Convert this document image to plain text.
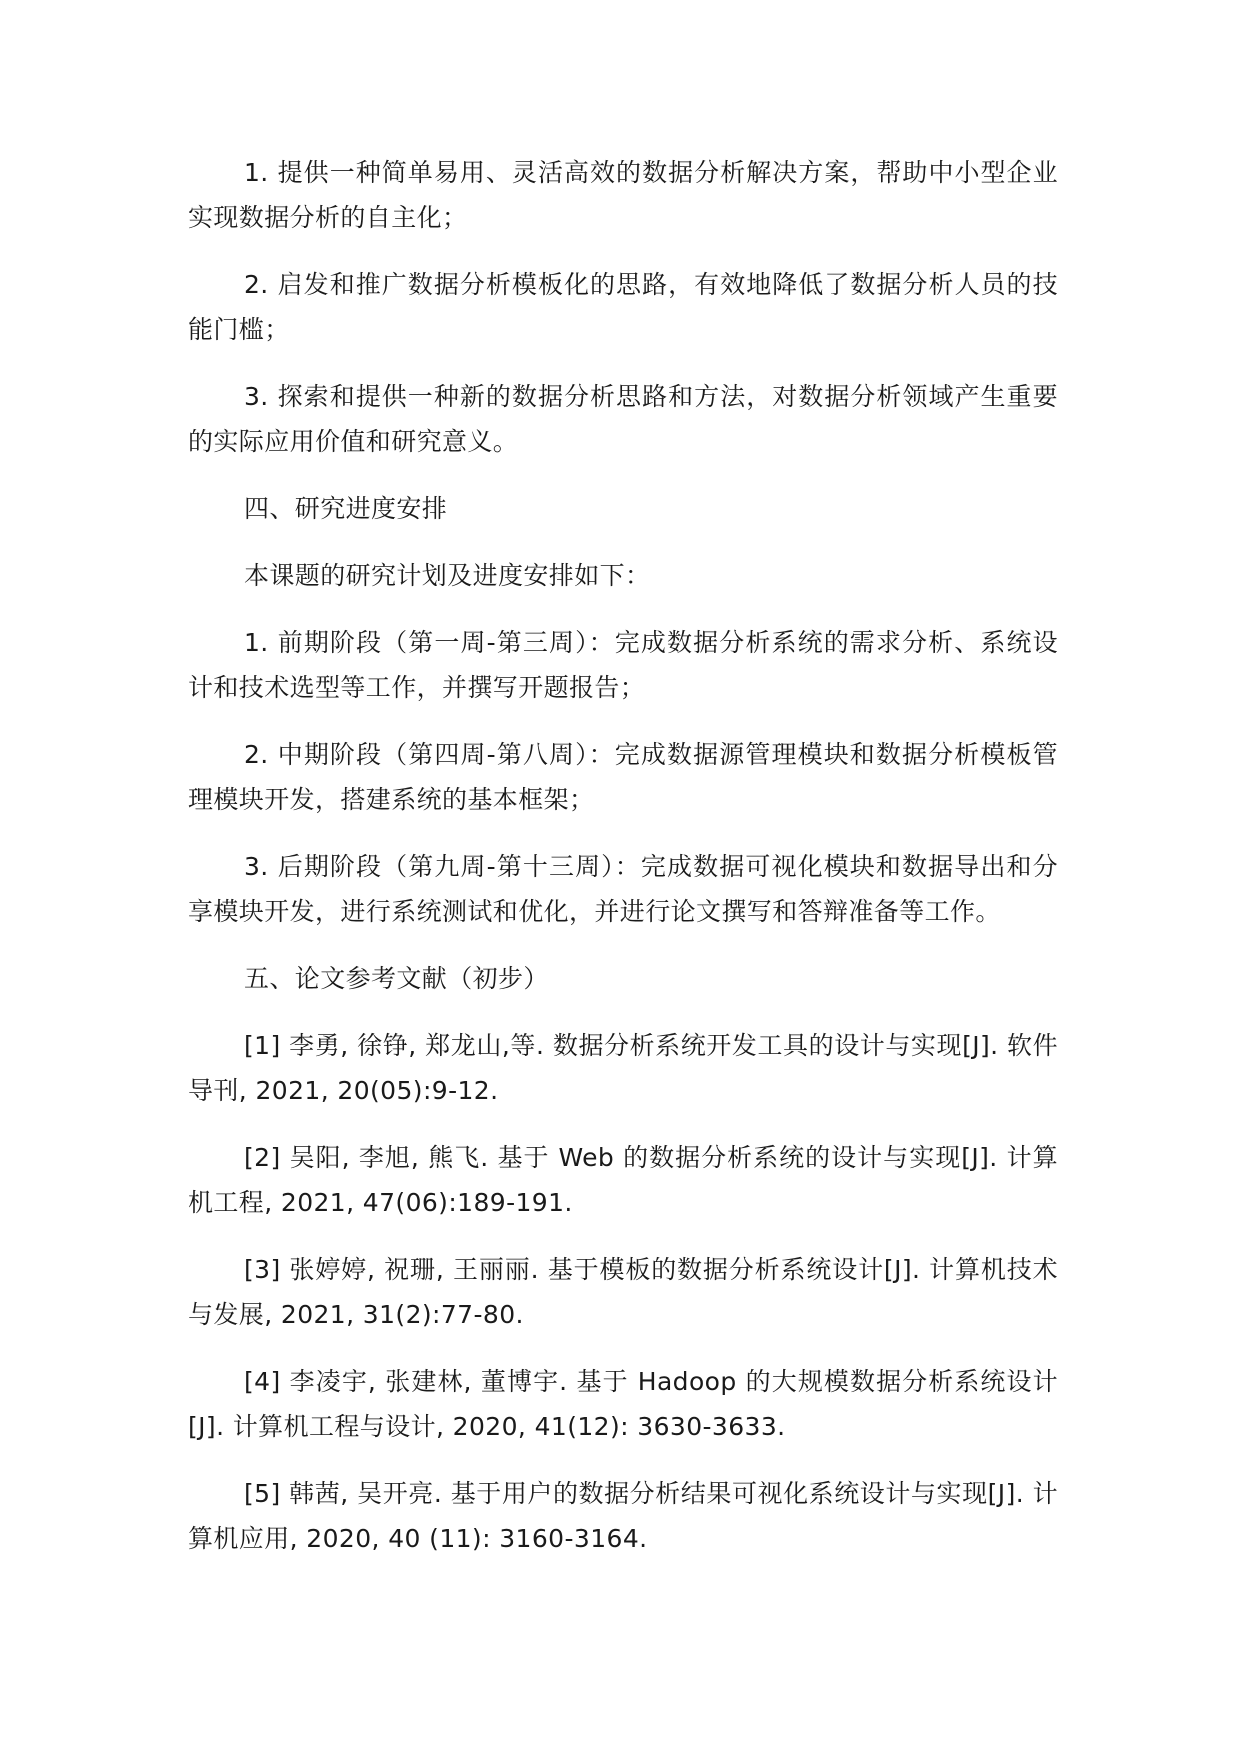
1. 提供一种简单易用、灵活高效的数据分析解决方案，帮助中小型企业实现数据分析的自主化；

2. 启发和推广数据分析模板化的思路，有效地降低了数据分析人员的技能门槛；

3. 探索和提供一种新的数据分析思路和方法，对数据分析领域产生重要的实际应用价值和研究意义。

四、研究进度安排

本课题的研究计划及进度安排如下：

1. 前期阶段（第一周-第三周）：完成数据分析系统的需求分析、系统设计和技术选型等工作，并撰写开题报告；

2. 中期阶段（第四周-第八周）：完成数据源管理模块和数据分析模板管理模块开发，搭建系统的基本框架；

3. 后期阶段（第九周-第十三周）：完成数据可视化模块和数据导出和分享模块开发，进行系统测试和优化，并进行论文撰写和答辩准备等工作。

五、论文参考文献（初步）

[1] 李勇, 徐铮, 郑龙山,等. 数据分析系统开发工具的设计与实现[J]. 软件导刊, 2021, 20(05):9-12.

[2] 吴阳, 李旭, 熊飞. 基于 Web 的数据分析系统的设计与实现[J]. 计算机工程, 2021, 47(06):189-191.

[3] 张婷婷, 祝珊, 王丽丽. 基于模板的数据分析系统设计[J]. 计算机技术与发展, 2021, 31(2):77-80.

[4] 李凌宇, 张建林, 董博宇. 基于 Hadoop 的大规模数据分析系统设计[J]. 计算机工程与设计, 2020, 41(12): 3630-3633.

[5] 韩茜, 吴开亮. 基于用户的数据分析结果可视化系统设计与实现[J]. 计算机应用, 2020, 40 (11): 3160-3164.
